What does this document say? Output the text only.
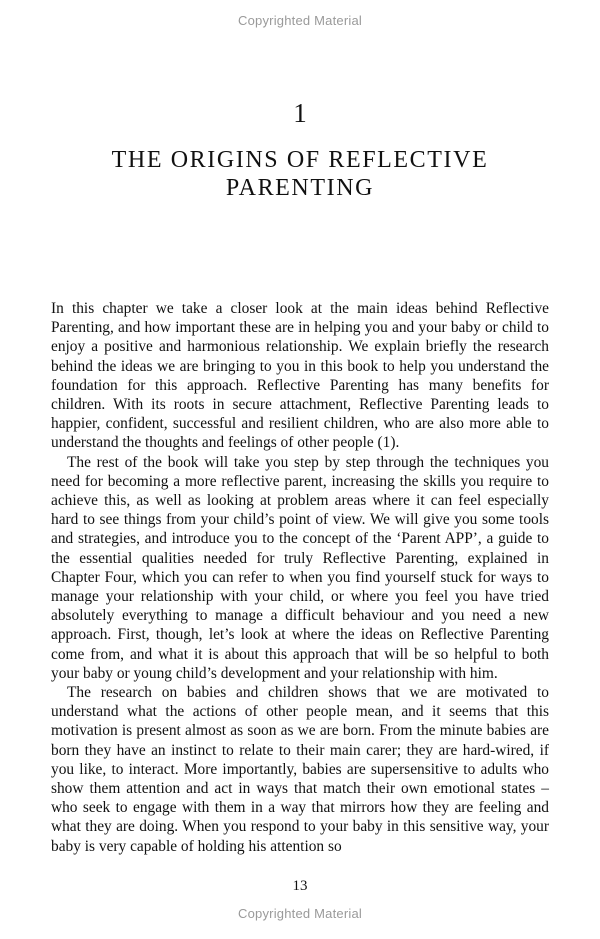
Copyrighted Material
1
THE ORIGINS OF REFLECTIVE PARENTING

In this chapter we take a closer look at the main ideas behind Reflective Parenting, and how important these are in helping you and your baby or child to enjoy a positive and harmonious relationship. We explain briefly the research behind the ideas we are bringing to you in this book to help you understand the foundation for this approach. Reflective Parenting has many benefits for children. With its roots in secure attachment, Reflective Parenting leads to happier, confident, successful and resilient children, who are also more able to understand the thoughts and feelings of other people (1).

The rest of the book will take you step by step through the techniques you need for becoming a more reflective parent, increasing the skills you require to achieve this, as well as looking at problem areas where it can feel especially hard to see things from your child’s point of view. We will give you some tools and strategies, and introduce you to the concept of the ‘Parent APP’, a guide to the essential qualities needed for truly Reflective Parenting, explained in Chapter Four, which you can refer to when you find yourself stuck for ways to manage your relationship with your child, or where you feel you have tried absolutely everything to manage a difficult behaviour and you need a new approach. First, though, let’s look at where the ideas on Reflective Parenting come from, and what it is about this approach that will be so helpful to both your baby or young child’s development and your relationship with him.

The research on babies and children shows that we are motivated to understand what the actions of other people mean, and it seems that this motivation is present almost as soon as we are born. From the minute babies are born they have an instinct to relate to their main carer; they are hard-wired, if you like, to interact. More importantly, babies are supersensitive to adults who show them attention and act in ways that match their own emotional states – who seek to engage with them in a way that mirrors how they are feeling and what they are doing. When you respond to your baby in this sensitive way, your baby is very capable of holding his attention so

13
Copyrighted Material
